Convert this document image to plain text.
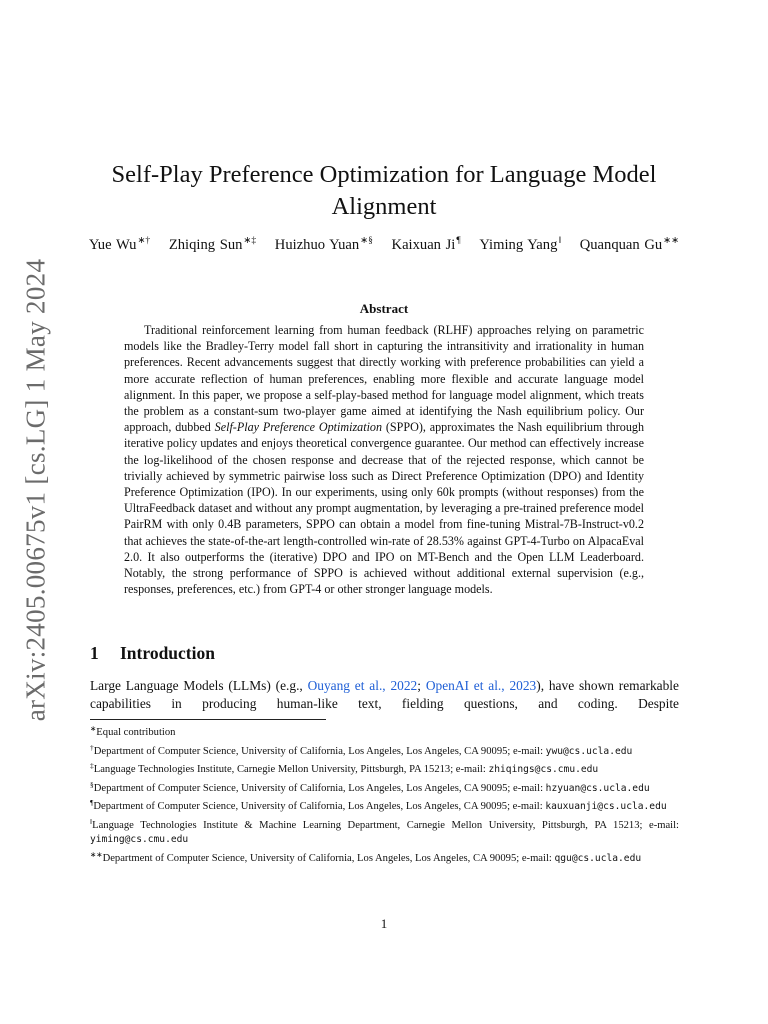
arXiv:2405.00675v1 [cs.LG] 1 May 2024
Self-Play Preference Optimization for Language Model Alignment
Yue Wu∗† Zhiqing Sun∗‡ Huizhuo Yuan∗§ Kaixuan Ji¶ Yiming Yang‖ Quanquan Gu∗∗
Abstract

Traditional reinforcement learning from human feedback (RLHF) approaches relying on parametric models like the Bradley-Terry model fall short in capturing the intransitivity and irrationality in human preferences. Recent advancements suggest that directly working with preference probabilities can yield a more accurate reflection of human preferences, enabling more flexible and accurate language model alignment. In this paper, we propose a self-play-based method for language model alignment, which treats the problem as a constant-sum two-player game aimed at identifying the Nash equilibrium policy. Our approach, dubbed Self-Play Preference Optimization (SPPO), approximates the Nash equilibrium through iterative policy updates and enjoys theoretical convergence guarantee. Our method can effectively increase the log-likelihood of the chosen response and decrease that of the rejected response, which cannot be trivially achieved by symmetric pairwise loss such as Direct Preference Optimization (DPO) and Identity Preference Optimization (IPO). In our experiments, using only 60k prompts (without responses) from the UltraFeedback dataset and without any prompt augmentation, by leveraging a pre-trained preference model PairRM with only 0.4B parameters, SPPO can obtain a model from fine-tuning Mistral-7B-Instruct-v0.2 that achieves the state-of-the-art length-controlled win-rate of 28.53% against GPT-4-Turbo on AlpacaEval 2.0. It also outperforms the (iterative) DPO and IPO on MT-Bench and the Open LLM Leaderboard. Notably, the strong performance of SPPO is achieved without additional external supervision (e.g., responses, preferences, etc.) from GPT-4 or other stronger language models.

1 Introduction

Large Language Models (LLMs) (e.g., Ouyang et al., 2022; OpenAI et al., 2023), have shown remarkable capabilities in producing human-like text, fielding questions, and coding. Despite

∗Equal contribution
†Department of Computer Science, University of California, Los Angeles, Los Angeles, CA 90095; e-mail: ywu@cs.ucla.edu
‡Language Technologies Institute, Carnegie Mellon University, Pittsburgh, PA 15213; e-mail: zhiqings@cs.cmu.edu
§Department of Computer Science, University of California, Los Angeles, Los Angeles, CA 90095; e-mail: hzyuan@cs.ucla.edu
¶Department of Computer Science, University of California, Los Angeles, Los Angeles, CA 90095; e-mail: kauxuanji@cs.ucla.edu
‖Language Technologies Institute & Machine Learning Department, Carnegie Mellon University, Pittsburgh, PA 15213; e-mail: yiming@cs.cmu.edu
∗∗Department of Computer Science, University of California, Los Angeles, Los Angeles, CA 90095; e-mail: qgu@cs.ucla.edu
1
